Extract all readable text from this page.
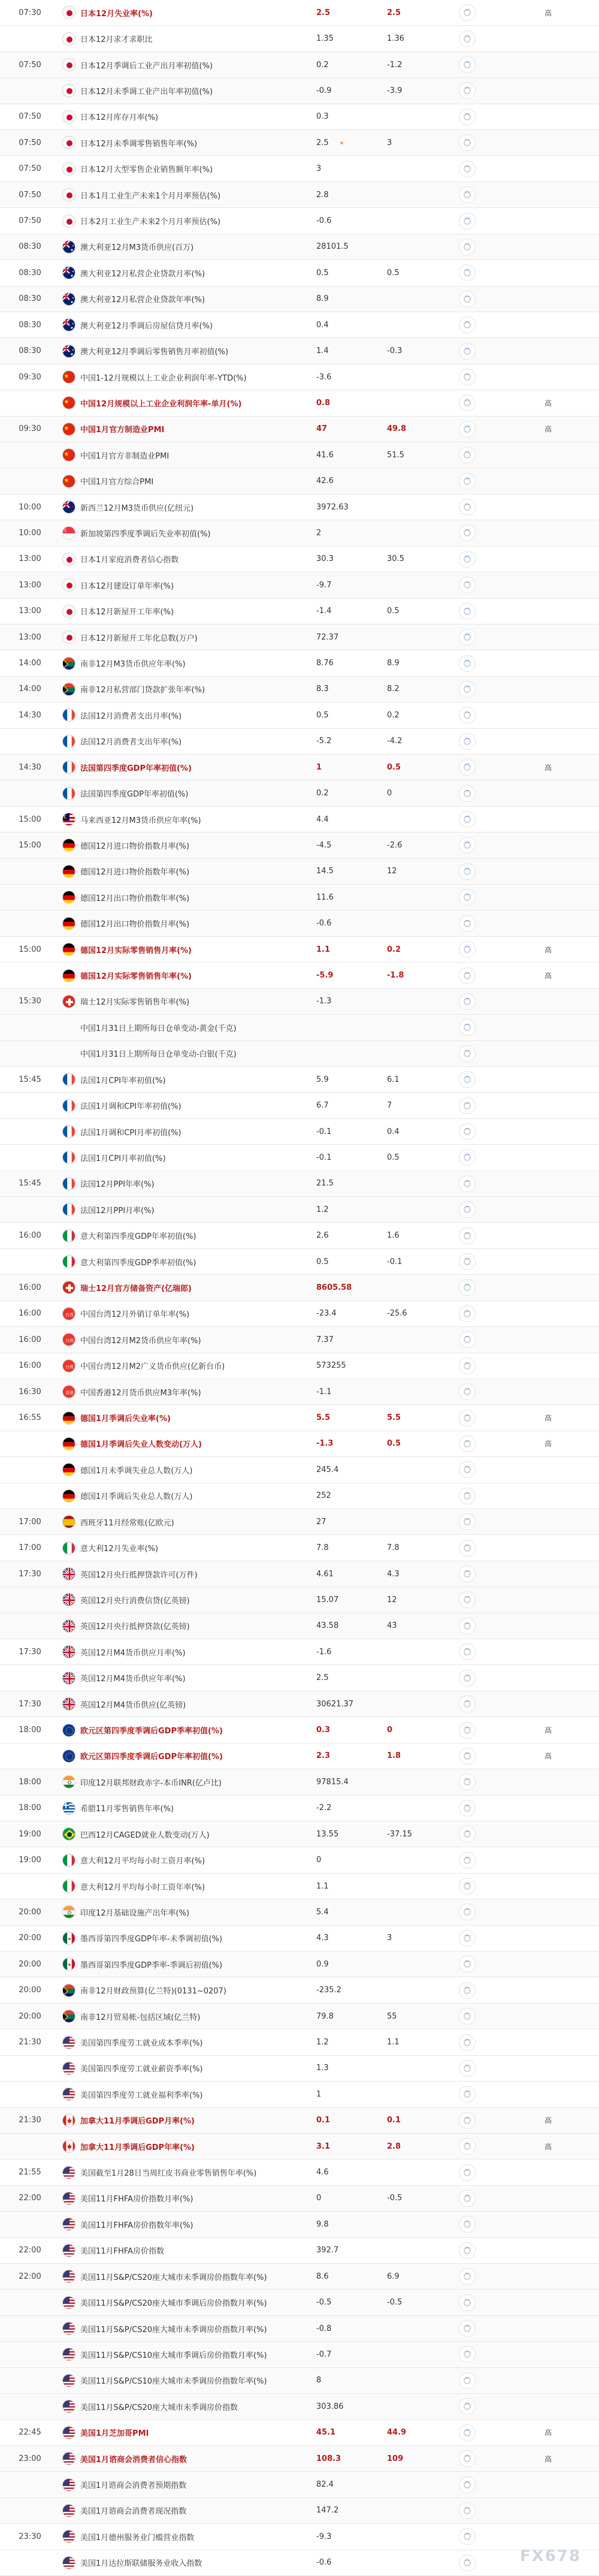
07:30	日本12月失业率(%)	2.5	2.5	高
日本12月求才求职比	1.35	1.36
07:50	日本12月季调后工业产出月率初值(%)	0.2	-1.2
日本12月未季调工业产出年率初值(%)	-0.9	-3.9
07:50	日本12月库存月率(%)	0.3
07:50	日本12月未季调零售销售年率(%)	2.5	3
07:50	日本12月大型零售企业销售额年率(%)	3
07:50	日本1月工业生产未来1个月月率预估(%)	2.8
07:50	日本2月工业生产未来2个月月率预估(%)	-0.6
08:30	澳大利亚12月M3货币供应(百万)	28101.5
08:30	澳大利亚12月私营企业贷款月率(%)	0.5	0.5
08:30	澳大利亚12月私营企业贷款年率(%)	8.9
08:30	澳大利亚12月季调后房屋信贷月率(%)	0.4
08:30	澳大利亚12月季调后零售销售月率初值(%)	1.4	-0.3
09:30	中国1-12月规模以上工业企业利润年率-YTD(%)	-3.6
中国12月规模以上工业企业利润年率-单月(%)	0.8	高
09:30	中国1月官方制造业PMI	47	49.8	高
中国1月官方非制造业PMI	41.6	51.5
中国1月官方综合PMI	42.6
10:00	新西兰12月M3货币供应(亿纽元)	3972.63
10:00	新加坡第四季度季调后失业率初值(%)	2
13:00	日本1月家庭消费者信心指数	30.3	30.5
13:00	日本12月建设订单年率(%)	-9.7
13:00	日本12月新屋开工年率(%)	-1.4	0.5
13:00	日本12月新屋开工年化总数(万户)	72.37
14:00	南非12月M3货币供应年率(%)	8.76	8.9
14:00	南非12月私营部门贷款扩张年率(%)	8.3	8.2
14:30	法国12月消费者支出月率(%)	0.5	0.2
法国12月消费者支出年率(%)	-5.2	-4.2
14:30	法国第四季度GDP年率初值(%)	1	0.5	高
法国第四季度GDP年率初值(%)	0.2	0
15:00	马来西亚12月M3货币供应年率(%)	4.4
15:00	德国12月进口物价指数月率(%)	-4.5	-2.6
德国12月进口物价指数年率(%)	14.5	12
德国12月出口物价指数年率(%)	11.6
德国12月出口物价指数月率(%)	-0.6
15:00	德国12月实际零售销售月率(%)	1.1	0.2	高
德国12月实际零售销售年率(%)	-5.9	-1.8	高
15:30	瑞士12月实际零售销售年率(%)	-1.3
中国1月31日上期所每日仓单变动-黄金(千克)
中国1月31日上期所每日仓单变动-白银(千克)
15:45	法国1月CPI年率初值(%)	5.9	6.1
法国1月调和CPI年率初值(%)	6.7	7
法国1月调和CPI月率初值(%)	-0.1	0.4
法国1月CPI月率初值(%)	-0.1	0.5
15:45	法国12月PPI年率(%)	21.5
法国12月PPI月率(%)	1.2
16:00	意大利第四季度GDP年率初值(%)	2.6	1.6
意大利第四季度GDP季率初值(%)	0.5	-0.1
16:00	瑞士12月官方储备资产(亿瑞郎)	8605.58
16:00	台湾 中国台湾12月外销订单年率(%)	-23.4	-25.6
16:00	台湾 中国台湾12月M2货币供应年率(%)	7.37
16:00	台湾 中国台湾12月M2广义货币供应(亿新台币)	573255
16:30	香港 中国香港12月货币供应M3年率(%)	-1.1
16:55	德国1月季调后失业率(%)	5.5	5.5	高
德国1月季调后失业人数变动(万人)	-1.3	0.5	高
德国1月未季调失业总人数(万人)	245.4
德国1月季调后失业总人数(万人)	252
17:00	西班牙11月经常账(亿欧元)	27
17:00	意大利12月失业率(%)	7.8	7.8
17:30	英国12月央行抵押贷款许可(万件)	4.61	4.3
英国12月央行消费信贷(亿英镑)	15.07	12
英国12月央行抵押贷款(亿英镑)	43.58	43
17:30	英国12月M4货币供应月率(%)	-1.6
英国12月M4货币供应年率(%)	2.5
17:30	英国12月M4货币供应(亿英镑)	30621.37
18:00	欧元区第四季度季调后GDP季率初值(%)	0.3	0	高
欧元区第四季度季调后GDP年率初值(%)	2.3	1.8	高
18:00	印度12月联邦财政赤字-本币INR(亿卢比)	97815.4
18:00	希腊11月零售销售年率(%)	-2.2
19:00	巴西12月CAGED就业人数变动(万人)	13.55	-37.15
19:00	意大利12月平均每小时工资月率(%)	0
意大利12月平均每小时工资年率(%)	1.1
20:00	印度12月基础设施产出年率(%)	5.4
20:00	墨西哥第四季度GDP年率-未季调初值(%)	4.3	3
20:00	墨西哥第四季度GDP季率-季调后初值(%)	0.9
20:00	南非12月财政预算(亿兰特)(0131~0207)	-235.2
20:00	南非12月贸易帐-包括区域(亿兰特)	79.8	55
21:30	美国第四季度劳工就业成本季率(%)	1.2	1.1
美国第四季度劳工就业薪资季率(%)	1.3
美国第四季度劳工就业福利季率(%)	1
21:30	加拿大11月季调后GDP月率(%)	0.1	0.1	高
加拿大11月季调后GDP年率(%)	3.1	2.8	高
21:55	美国截至1月28日当周红皮书商业零售销售年率(%)	4.6
22:00	美国11月FHFA房价指数月率(%)	0	-0.5
美国11月FHFA房价指数年率(%)	9.8
22:00	美国11月FHFA房价指数	392.7
22:00	美国11月S&P/CS20座大城市未季调房价指数年率(%)	8.6	6.9
美国11月S&P/CS20座大城市季调后房价指数月率(%)	-0.5	-0.5
美国11月S&P/CS20座大城市未季调房价指数月率(%)	-0.8
美国11月S&P/CS10座大城市季调后房价指数月率(%)	-0.7
美国11月S&P/CS10座大城市未季调房价指数年率(%)	8
美国11月S&P/CS20座大城市未季调房价指数	303.86
22:45	美国1月芝加哥PMI	45.1	44.9	高
23:00	美国1月谘商会消费者信心指数	108.3	109	高
美国1月谘商会消费者预期指数	82.4
美国1月谘商会消费者现况指数	147.2
23:30	美国1月德州服务业门槛营业指数	-9.3
美国1月达拉斯联储服务业收入指数	-0.6	FX678
